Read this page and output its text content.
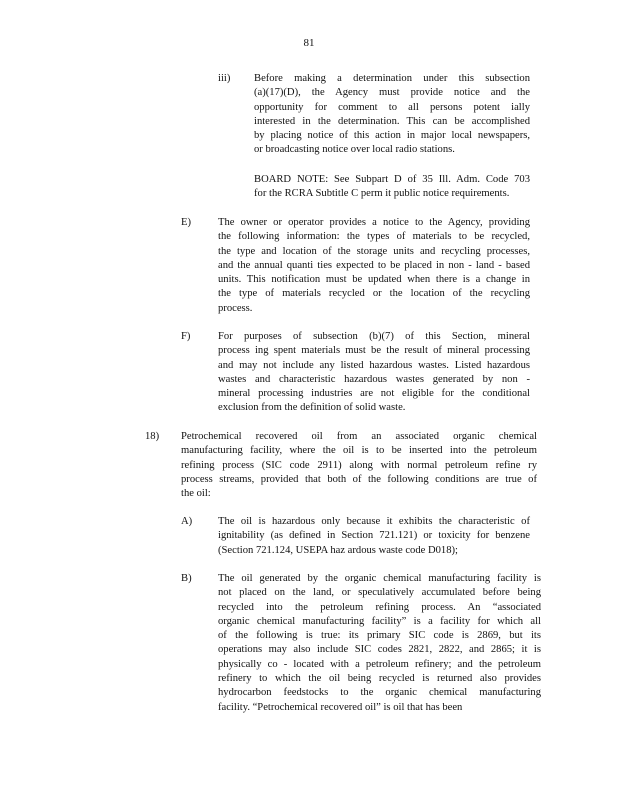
81
iii) Before making a determination under this subsection
(a)(17)(D), the Agency must provide notice and the
opportunity for comment to all persons potent ially
interested in the determination. This can be accomplished
by placing notice of this action in major local newspapers,
or broadcasting notice over local radio stations.
BOARD NOTE: See Subpart D of 35 Ill. Adm. Code 703
for the RCRA Subtitle C perm it public notice requirements.
E)	The owner or operator provides a notice to the Agency, providing
the following information: the types of materials to be recycled,
the type and location of the storage units and recycling processes,
and the annual quanti ties expected to be placed in non - land - based
units. This notification must be updated when there is a change in
the type of materials recycled or the location of the recycling
process.
F)	For purposes of subsection (b)(7) of this Section, mineral
process ing spent materials must be the result of mineral processing
and may not include any listed hazardous wastes. Listed hazardous
wastes and characteristic hazardous wastes generated by non -
mineral processing industries are not eligible for the conditional
exclusion from the definition of solid waste.
18) Petrochemical recovered oil from an associated organic chemical
manufacturing facility, where the oil is to be inserted into the petroleum
refining process (SIC code 2911) along with normal petroleum refine ry
process streams, provided that both of the following conditions are true of
the oil:
A) The oil is hazardous only because it exhibits the characteristic of
ignitability (as defined in Section 721.121) or toxicity for benzene
(Section 721.124, USEPA haz ardous waste code D018);
B) The oil generated by the organic chemical manufacturing facility is
not placed on the land, or speculatively accumulated before being
recycled into the petroleum refining process. An “associated
organic chemical manufacturing facility” is a facility for which all
of the following is true: its primary SIC code is 2869, but its
operations may also include SIC codes 2821, 2822, and 2865; it is
physically co - located with a petroleum refinery; and the petroleum
refinery to which the oil being recycled is returned also provides
hydrocarbon feedstocks to the organic chemical manufacturing
facility. “Petrochemical recovered oil” is oil that has been
